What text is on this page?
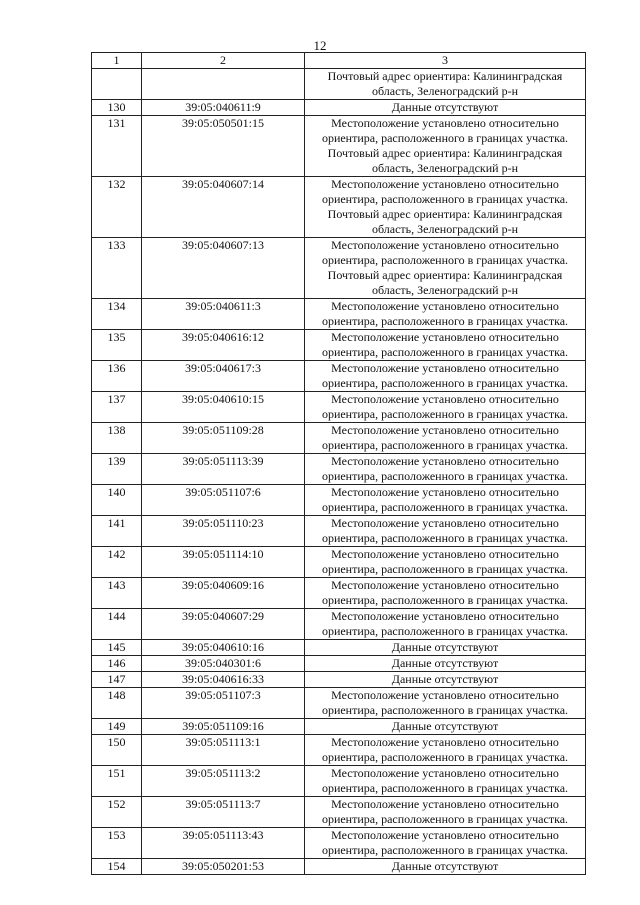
12
1	2	3
		Почтовый адрес ориентира: Калининградская
область, Зеленоградский р-н
130	39:05:040611:9	Данные отсутствуют
131	39:05:050501:15	Местоположение установлено относительно
ориентира, расположенного в границах участка.
Почтовый адрес ориентира: Калининградская
область, Зеленоградский р-н
132	39:05:040607:14	Местоположение установлено относительно
ориентира, расположенного в границах участка.
Почтовый адрес ориентира: Калининградская
область, Зеленоградский р-н
133	39:05:040607:13	Местоположение установлено относительно
ориентира, расположенного в границах участка.
Почтовый адрес ориентира: Калининградская
область, Зеленоградский р-н
134	39:05:040611:3	Местоположение установлено относительно
ориентира, расположенного в границах участка.
135	39:05:040616:12	Местоположение установлено относительно
ориентира, расположенного в границах участка.
136	39:05:040617:3	Местоположение установлено относительно
ориентира, расположенного в границах участка.
137	39:05:040610:15	Местоположение установлено относительно
ориентира, расположенного в границах участка.
138	39:05:051109:28	Местоположение установлено относительно
ориентира, расположенного в границах участка.
139	39:05:051113:39	Местоположение установлено относительно
ориентира, расположенного в границах участка.
140	39:05:051107:6	Местоположение установлено относительно
ориентира, расположенного в границах участка.
141	39:05:051110:23	Местоположение установлено относительно
ориентира, расположенного в границах участка.
142	39:05:051114:10	Местоположение установлено относительно
ориентира, расположенного в границах участка.
143	39:05:040609:16	Местоположение установлено относительно
ориентира, расположенного в границах участка.
144	39:05:040607:29	Местоположение установлено относительно
ориентира, расположенного в границах участка.
145	39:05:040610:16	Данные отсутствуют
146	39:05:040301:6	Данные отсутствуют
147	39:05:040616:33	Данные отсутствуют
148	39:05:051107:3	Местоположение установлено относительно
ориентира, расположенного в границах участка.
149	39:05:051109:16	Данные отсутствуют
150	39:05:051113:1	Местоположение установлено относительно
ориентира, расположенного в границах участка.
151	39:05:051113:2	Местоположение установлено относительно
ориентира, расположенного в границах участка.
152	39:05:051113:7	Местоположение установлено относительно
ориентира, расположенного в границах участка.
153	39:05:051113:43	Местоположение установлено относительно
ориентира, расположенного в границах участка.
154	39:05:050201:53	Данные отсутствуют
